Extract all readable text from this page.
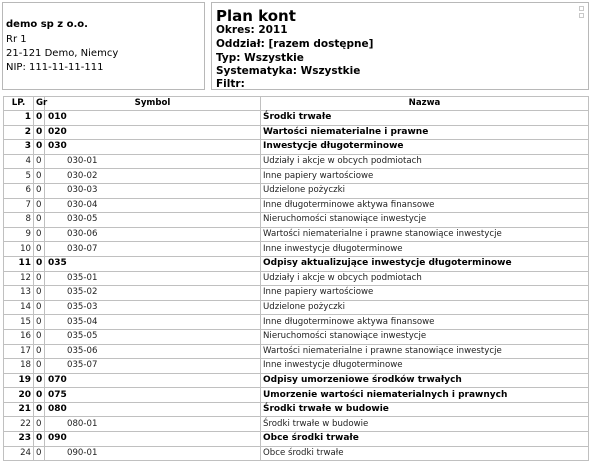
demo sp z o.o.
Rr 1
21-121 Demo, Niemcy
NIP: 111-11-11-111
Plan kont
Okres: 2011
Oddział: [razem dostępne]
Typ: Wszystkie
Systematyka: Wszystkie
Filtr:
LP.	Gr	Symbol	Nazwa
1	0	010	Środki trwałe
2	0	020	Wartości niematerialne i prawne
3	0	030	Inwestycje długoterminowe
4	0	030-01	Udziały i akcje w obcych podmiotach
5	0	030-02	Inne papiery wartościowe
6	0	030-03	Udzielone pożyczki
7	0	030-04	Inne długoterminowe aktywa finansowe
8	0	030-05	Nieruchomości stanowiące inwestycje
9	0	030-06	Wartości niematerialne i prawne stanowiące inwestycje
10	0	030-07	Inne inwestycje długoterminowe
11	0	035	Odpisy aktualizujące inwestycje długoterminowe
12	0	035-01	Udziały i akcje w obcych podmiotach
13	0	035-02	Inne papiery wartościowe
14	0	035-03	Udzielone pożyczki
15	0	035-04	Inne długoterminowe aktywa finansowe
16	0	035-05	Nieruchomości stanowiące inwestycje
17	0	035-06	Wartości niematerialne i prawne stanowiące inwestycje
18	0	035-07	Inne inwestycje długoterminowe
19	0	070	Odpisy umorzeniowe środków trwałych
20	0	075	Umorzenie wartości niematerialnych i prawnych
21	0	080	Środki trwałe w budowie
22	0	080-01	Środki trwałe w budowie
23	0	090	Obce środki trwałe
24	0	090-01	Obce środki trwałe
